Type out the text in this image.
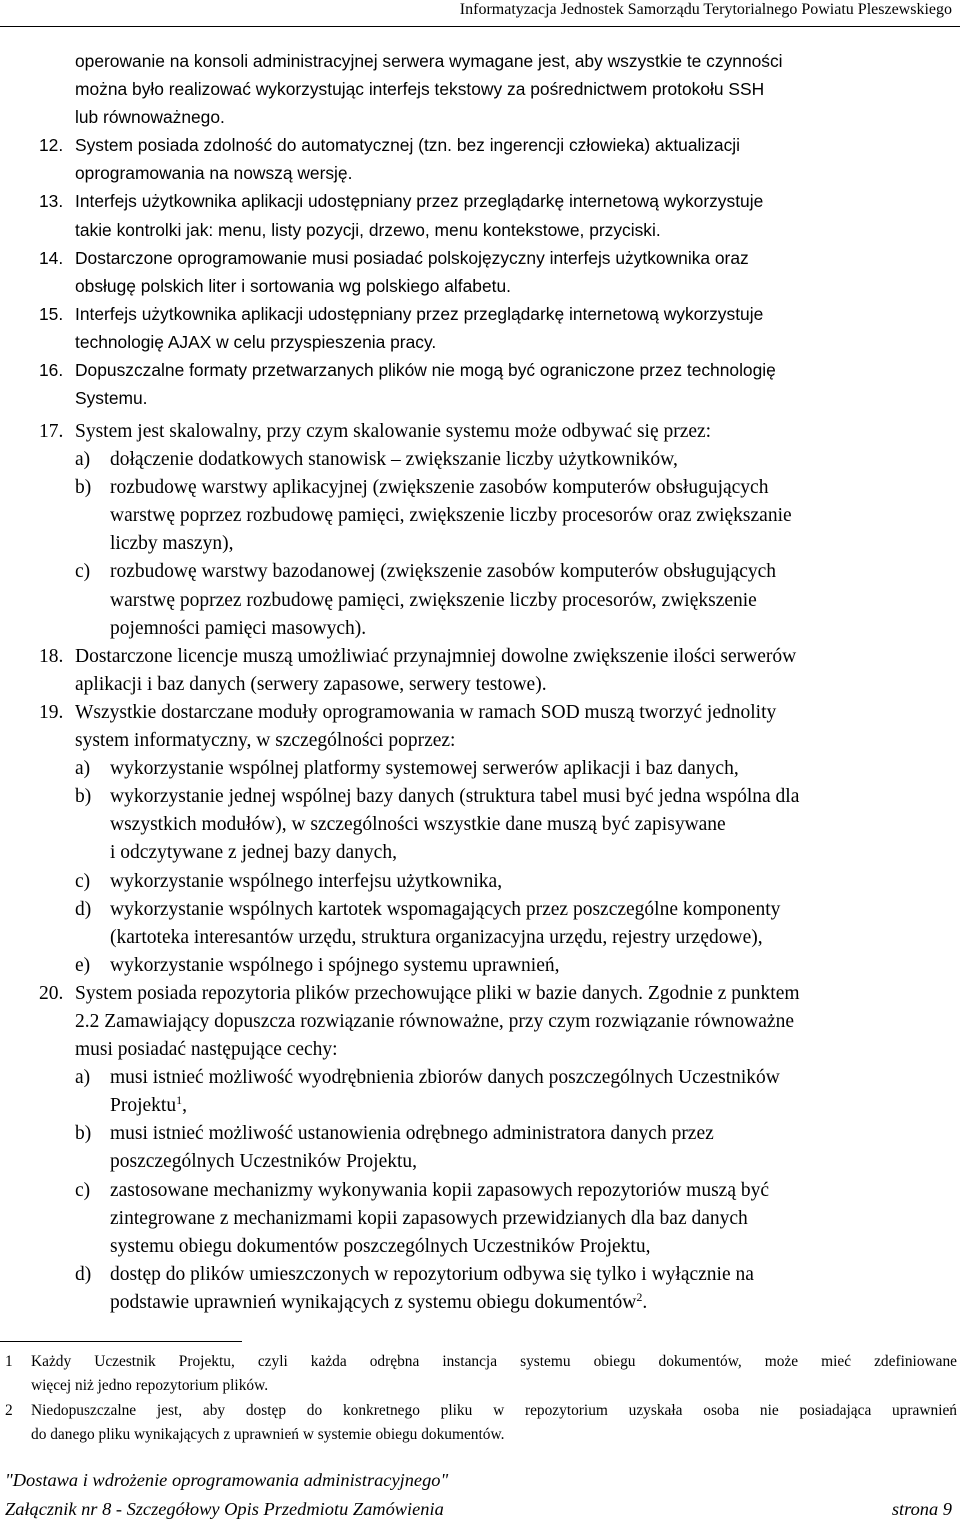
Informatyzacja Jednostek Samorządu Terytorialnego Powiatu Pleszewskiego
operowanie na konsoli administracyjnej serwera wymagane jest, aby wszystkie te czynności
można było realizować wykorzystując interfejs tekstowy za pośrednictwem protokołu SSH
lub równoważnego.
12. System posiada zdolność do automatycznej (tzn. bez ingerencji człowieka) aktualizacji
oprogramowania na nowszą wersję.
13. Interfejs użytkownika aplikacji udostępniany przez przeglądarkę internetową wykorzystuje
takie kontrolki jak: menu, listy pozycji, drzewo, menu kontekstowe, przyciski.
14. Dostarczone oprogramowanie musi posiadać polskojęzyczny interfejs użytkownika oraz
obsługę polskich liter i sortowania wg polskiego alfabetu.
15. Interfejs użytkownika aplikacji udostępniany przez przeglądarkę internetową wykorzystuje
technologię AJAX w celu przyspieszenia pracy.
16. Dopuszczalne formaty przetwarzanych plików nie mogą być ograniczone przez technologię
Systemu.
17. System jest skalowalny, przy czym skalowanie systemu może odbywać się przez:
a) dołączenie dodatkowych stanowisk – zwiększanie liczby użytkowników,
b) rozbudowę warstwy aplikacyjnej (zwiększenie zasobów komputerów obsługujących
warstwę poprzez rozbudowę pamięci, zwiększenie liczby procesorów oraz zwiększanie
liczby maszyn),
c) rozbudowę warstwy bazodanowej (zwiększenie zasobów komputerów obsługujących
warstwę poprzez rozbudowę pamięci, zwiększenie liczby procesorów, zwiększenie
pojemności pamięci masowych).
18. Dostarczone licencje muszą umożliwiać przynajmniej dowolne zwiększenie ilości serwerów
aplikacji i baz danych (serwery zapasowe, serwery testowe).
19. Wszystkie dostarczane moduły oprogramowania w ramach SOD muszą tworzyć jednolity
system informatyczny, w szczególności poprzez:
a) wykorzystanie wspólnej platformy systemowej serwerów aplikacji i baz danych,
b) wykorzystanie jednej wspólnej bazy danych (struktura tabel musi być jedna wspólna dla
wszystkich modułów), w szczególności wszystkie dane muszą być zapisywane
i odczytywane z jednej bazy danych,
c) wykorzystanie wspólnego interfejsu użytkownika,
d) wykorzystanie wspólnych kartotek wspomagających przez poszczególne komponenty
(kartoteka interesantów urzędu, struktura organizacyjna urzędu, rejestry urzędowe),
e) wykorzystanie wspólnego i spójnego systemu uprawnień,
20. System posiada repozytoria plików przechowujące pliki w bazie danych. Zgodnie z punktem
2.2 Zamawiający dopuszcza rozwiązanie równoważne, przy czym rozwiązanie równoważne
musi posiadać następujące cechy:
a) musi istnieć możliwość wyodrębnienia zbiorów danych poszczególnych Uczestników
Projektu$^1$,
b) musi istnieć możliwość ustanowienia odrębnego administratora danych przez
poszczególnych Uczestników Projektu,
c) zastosowane mechanizmy wykonywania kopii zapasowych repozytoriów muszą być
zintegrowane z mechanizmami kopii zapasowych przewidzianych dla baz danych
systemu obiegu dokumentów poszczególnych Uczestników Projektu,
d) dostęp do plików umieszczonych w repozytorium odbywa się tylko i wyłącznie na
podstawie uprawnień wynikających z systemu obiegu dokumentów$^2$.
1 Każdy Uczestnik Projektu, czyli każda odrębna instancja systemu obiegu dokumentów, może mieć zdefiniowane
więcej niż jedno repozytorium plików.
2 Niedopuszczalne jest, aby dostęp do konkretnego pliku w repozytorium uzyskała osoba nie posiadająca uprawnień
do danego pliku wynikających z uprawnień w systemie obiegu dokumentów.
"Dostawa i wdrożenie oprogramowania administracyjnego"
Załącznik nr 8 - Szczegółowy Opis Przedmiotu Zamówienia	strona 9
